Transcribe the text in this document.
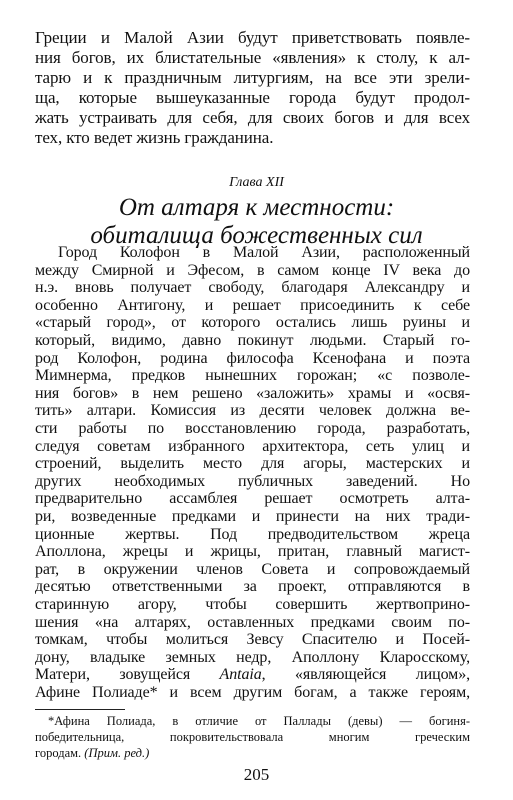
Греции и Малой Азии будут приветствовать появле-
ния богов, их блистательные «явления» к столу, к ал-
тарю и к праздничным литургиям, на все эти зрели-
ща, которые вышеуказанные города будут продол-
жать устраивать для себя, для своих богов и для всех
тех, кто ведет жизнь гражданина.
Глава XII
От алтаря к местности:
обиталища божественных сил
Город Колофон в Малой Азии, расположенный
между Смирной и Эфесом, в самом конце IV века до
н.э. вновь получает свободу, благодаря Александру и
особенно Антигону, и решает присоединить к себе
«старый город», от которого остались лишь руины и
который, видимо, давно покинут людьми. Старый го-
род Колофон, родина философа Ксенофана и поэта
Мимнерма, предков нынешних горожан; «с позволе-
ния богов» в нем решено «заложить» храмы и «освя-
тить» алтари. Комиссия из десяти человек должна ве-
сти работы по восстановлению города, разработать,
следуя советам избранного архитектора, сеть улиц и
строений, выделить место для агоры, мастерских и
других необходимых публичных заведений. Но
предварительно ассамблея решает осмотреть алта-
ри, возведенные предками и принести на них тради-
ционные жертвы. Под предводительством жреца
Аполлона, жрецы и жрицы, притан, главный магист-
рат, в окружении членов Совета и сопровождаемый
десятью ответственными за проект, отправляются в
старинную агору, чтобы совершить жертвоприно-
шения «на алтарях, оставленных предками своим по-
томкам, чтобы молиться Зевсу Спасителю и Посей-
дону, владыке земных недр, Аполлону Кларосскому,
Матери, зовущейся Antaia, «являющейся лицом»,
Афине Полиаде* и всем другим богам, а также героям,
*Афина Полиада, в отличие от Паллады (девы) — богиня-
победительница, покровительствовала многим греческим
городам. (Прим. ред.)
205
